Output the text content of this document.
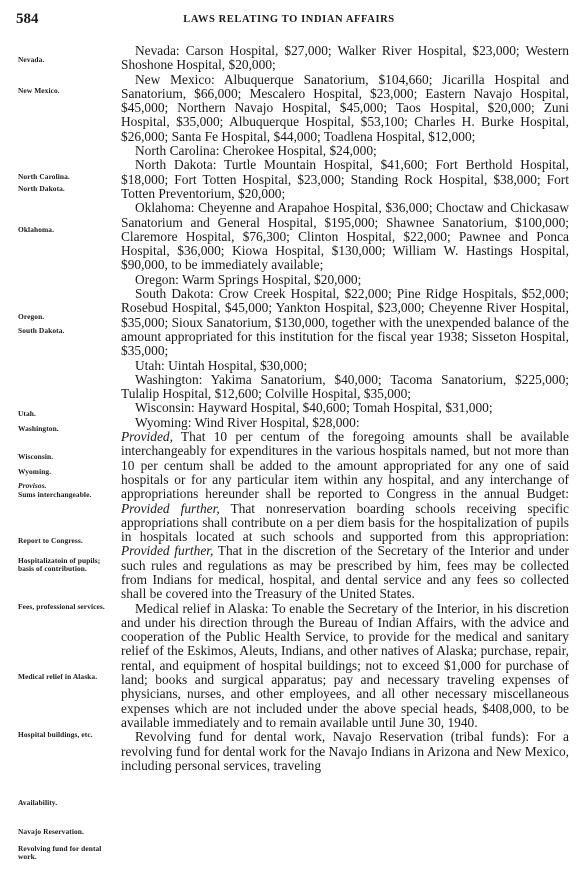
584	LAWS RELATING TO INDIAN AFFAIRS
Nevada.
New Mexico.
North Carolina.
North Dakota.
Oklahoma.
Oregon.
South Dakota.
Utah.
Washington.
Wisconsin.
Wyoming.
Provisos.
Sums interchangeable.
Report to Congress.
Hospitalizatoin of pupils; basis of contribution.
Fees, professional services.
Medical relief in Alaska.
Hospital buildings, etc.
Availability.
Navajo Reservation.
Revolving fund for dental work.

Nevada: Carson Hospital, $27,000; Walker River Hospital, $23,000; Western Shoshone Hospital, $20,000;

New Mexico: Albuquerque Sanatorium, $104,660; Jicarilla Hospital and Sanatorium, $66,000; Mescalero Hospital, $23,000; Eastern Navajo Hospital, $45,000; Northern Navajo Hospital, $45,000; Taos Hospital, $20,000; Zuni Hospital, $35,000; Albuquerque Hospital, $53,100; Charles H. Burke Hospital, $26,000; Santa Fe Hospital, $44,000; Toadlena Hospital, $12,000;

North Carolina: Cherokee Hospital, $24,000;

North Dakota: Turtle Mountain Hospital, $41,600; Fort Berthold Hospital, $18,000; Fort Totten Hospital, $23,000; Standing Rock Hospital, $38,000; Fort Totten Preventorium, $20,000;

Oklahoma: Cheyenne and Arapahoe Hospital, $36,000; Choctaw and Chickasaw Sanatorium and General Hospital, $195,000; Shawnee Sanatorium, $100,000; Claremore Hospital, $76,300; Clinton Hospital, $22,000; Pawnee and Ponca Hospital, $36,000; Kiowa Hospital, $130,000; William W. Hastings Hospital, $90,000, to be immediately available;

Oregon: Warm Springs Hospital, $20,000;

South Dakota: Crow Creek Hospital, $22,000; Pine Ridge Hospitals, $52,000; Rosebud Hospital, $45,000; Yankton Hospital, $23,000; Cheyenne River Hospital, $35,000; Sioux Sanatorium, $130,000, together with the unexpended balance of the amount appropriated for this institution for the fiscal year 1938; Sisseton Hospital, $35,000;

Utah: Uintah Hospital, $30,000;

Washington: Yakima Sanatorium, $40,000; Tacoma Sanatorium, $225,000; Tulalip Hospital, $12,600; Colville Hospital, $35,000;

Wisconsin: Hayward Hospital, $40,600; Tomah Hospital, $31,000;

Wyoming: Wind River Hospital, $28,000:

Provided, That 10 per centum of the foregoing amounts shall be available interchangeably for expenditures in the various hospitals named, but not more than 10 per centum shall be added to the amount appropriated for any one of said hospitals or for any particular item within any hospital, and any interchange of appropriations hereunder shall be reported to Congress in the annual Budget: Provided further, That nonreservation boarding schools receiving specific appropriations shall contribute on a per diem basis for the hospitalization of pupils in hospitals located at such schools and supported from this appropriation: Provided further, That in the discretion of the Secretary of the Interior and under such rules and regulations as may be prescribed by him, fees may be collected from Indians for medical, hospital, and dental service and any fees so collected shall be covered into the Treasury of the United States.

Medical relief in Alaska: To enable the Secretary of the Interior, in his discretion and under his direction through the Bureau of Indian Affairs, with the advice and cooperation of the Public Health Service, to provide for the medical and sanitary relief of the Eskimos, Aleuts, Indians, and other natives of Alaska; purchase, repair, rental, and equipment of hospital buildings; not to exceed $1,000 for purchase of land; books and surgical apparatus; pay and necessary traveling expenses of physicians, nurses, and other employees, and all other necessary miscellaneous expenses which are not included under the above special heads, $408,000, to be available immediately and to remain available until June 30, 1940.

Revolving fund for dental work, Navajo Reservation (tribal funds): For a revolving fund for dental work for the Navajo Indians in Arizona and New Mexico, including personal services, traveling
